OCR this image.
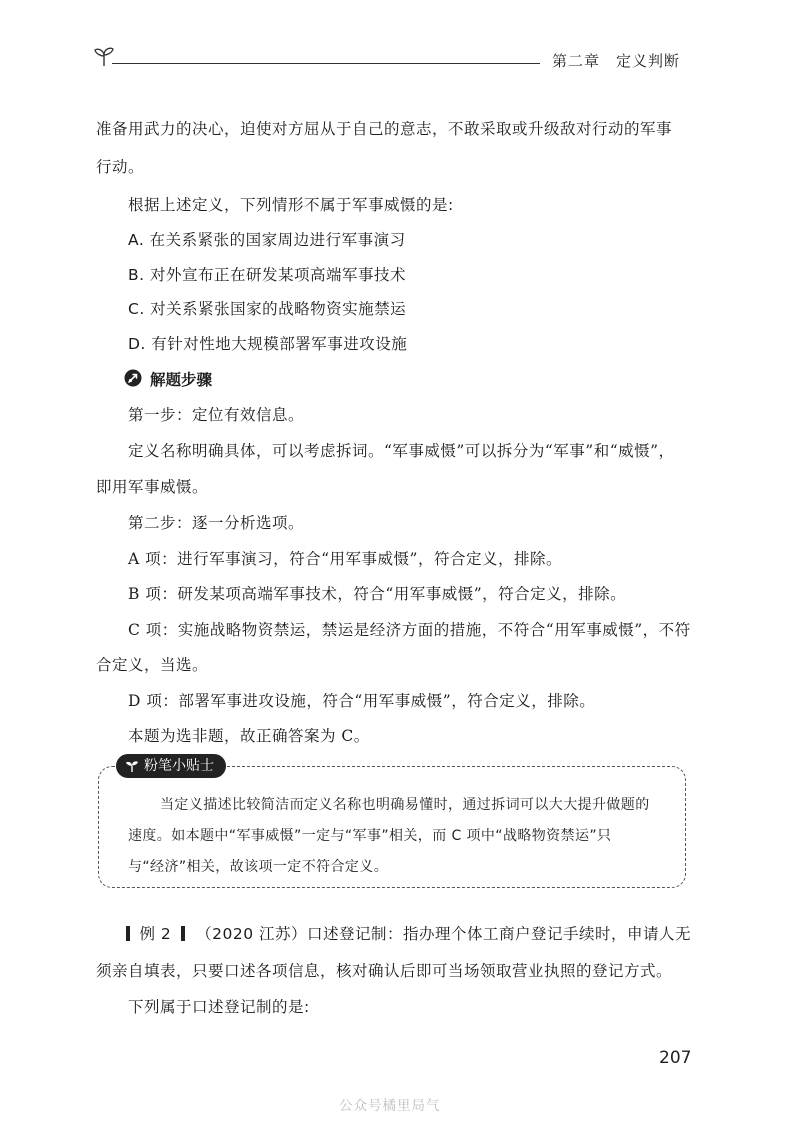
第二章 定义判断
准备用武力的决心，迫使对方屈从于自己的意志，不敢采取或升级敌对行动的军事
行动。
根据上述定义，下列情形不属于军事威慑的是:
A. 在关系紧张的国家周边进行军事演习
B. 对外宣布正在研发某项高端军事技术
C. 对关系紧张国家的战略物资实施禁运
D. 有针对性地大规模部署军事进攻设施
解题步骤
第一步：定位有效信息。
定义名称明确具体，可以考虑拆词。“军事威慑”可以拆分为“军事”和“威慑”，
即用军事威慑。
第二步：逐一分析选项。
A 项：进行军事演习，符合“用军事威慑”，符合定义，排除。
B 项：研发某项高端军事技术，符合“用军事威慑”，符合定义，排除。
C 项：实施战略物资禁运，禁运是经济方面的措施，不符合“用军事威慑”，不符
合定义，当选。
D 项：部署军事进攻设施，符合“用军事威慑”，符合定义，排除。
本题为选非题，故正确答案为 C。
粉笔小贴士
当定义描述比较简洁而定义名称也明确易懂时，通过拆词可以大大提升做题的
速度。如本题中“军事威慑”一定与“军事”相关，而 C 项中“战略物资禁运”只
与“经济”相关，故该项一定不符合定义。
例 2 （2020 江苏）口述登记制：指办理个体工商户登记手续时，申请人无
须亲自填表，只要口述各项信息，核对确认后即可当场领取营业执照的登记方式。
下列属于口述登记制的是:
207
公众号橘里局气
